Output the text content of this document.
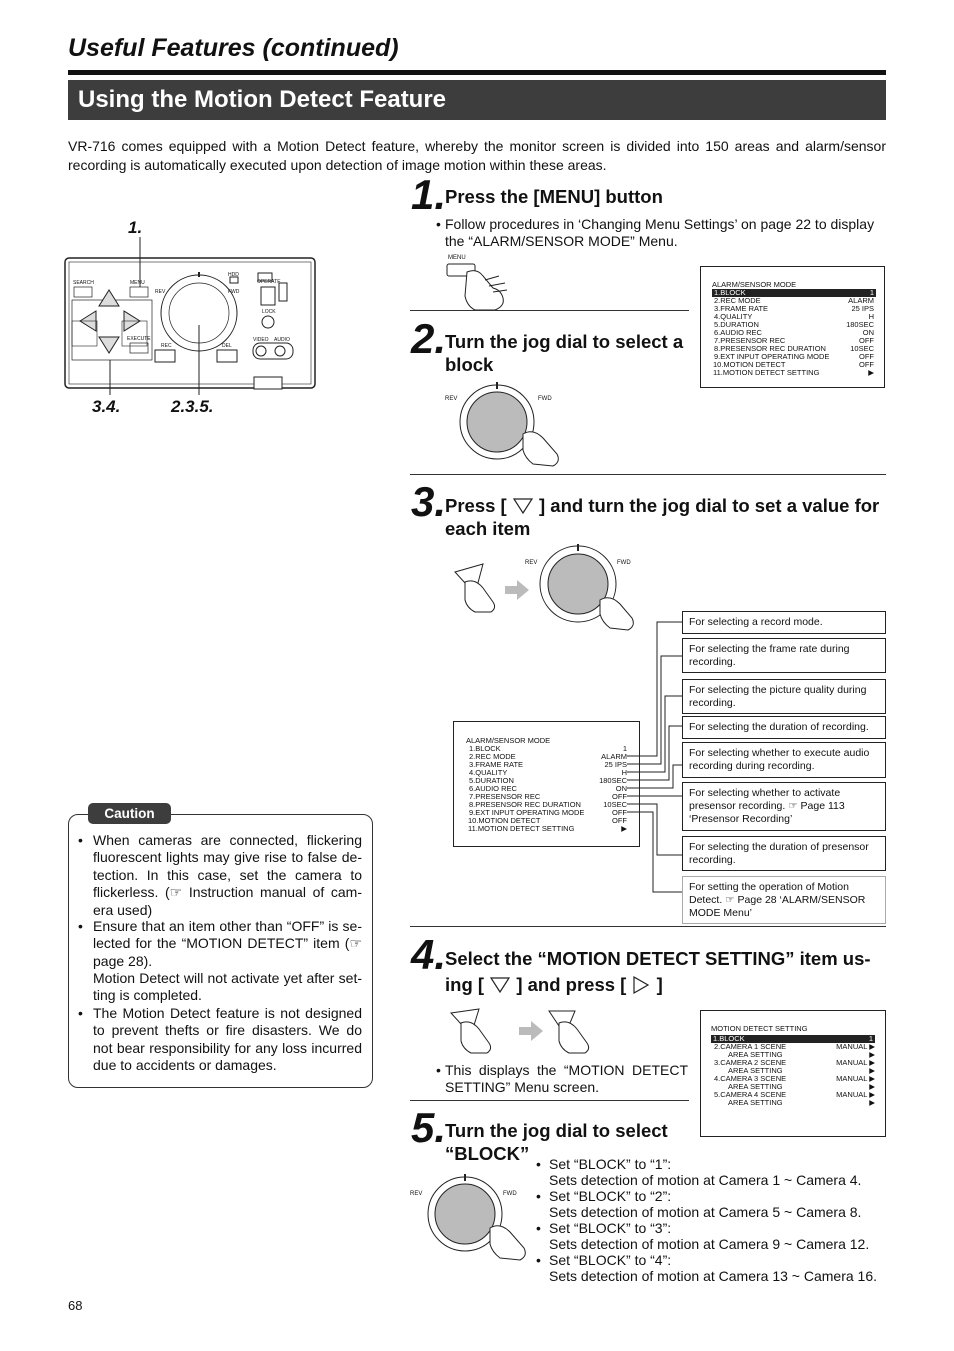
Useful Features (continued)
Using the Motion Detect Feature
VR-716 comes equipped with a Motion Detect feature, whereby the monitor screen is divided into 150 areas and alarm/sensor recording is automatically executed upon detection of image motion within these areas.
SEARCH	MENU
REV	FWD
HDD
OPERATE
LOCK
EXECUTE
REC	DEL
VIDEO AUDIO
1.
3.4.	2.3.5.
1.
Press the [MENU] button
• Follow procedures in ‘Changing Menu Settings’ on page 22 to display the “ALARM/SENSOR MODE” Menu.
MENU
ALARM/SENSOR MODE
1.BLOCK	1
2.REC MODE	ALARM
3.FRAME RATE	25 IPS
4.QUALITY	H
5.DURATION	180SEC
6.AUDIO REC	ON
7.PRESENSOR REC	OFF
8.PRESENSOR REC DURATION	10SEC
9.EXT INPUT OPERATING MODE	OFF
10.MOTION DETECT	OFF
11.MOTION DETECT SETTING	▶
2.
Turn the jog dial to select a
block
REV	FWD
3.
Press [ ] and turn the jog dial to set a value for each item
REV	FWD
ALARM/SENSOR MODE
1.BLOCK	1
2.REC MODE	ALARM
3.FRAME RATE	25 IPS
4.QUALITY	H
5.DURATION	180SEC
6.AUDIO REC	ON
7.PRESENSOR REC	OFF
8.PRESENSOR REC DURATION	10SEC
9.EXT INPUT OPERATING MODE	OFF
10.MOTION DETECT	OFF
11.MOTION DETECT SETTING	▶
For selecting a record mode.
For selecting the frame rate during recording.
For selecting the picture quality during recording.
For selecting the duration of recording.
For selecting whether to execute audio recording during recording.
For selecting whether to activate presensor recording. ☞ Page 113 ‘Presensor Recording’
For selecting the duration of presensor recording.
For setting the operation of Motion Detect. ☞ Page 28 ‘ALARM/SENSOR MODE Menu’
Caution
• When cameras are connected, flickering fluorescent lights may give rise to false de-tection. In this case, set the camera to flickerless. (☞ Instruction manual of cam-era used)
• Ensure that an item other than “OFF” is se-lected for the “MOTION DETECT” item (☞ page 28).
Motion Detect will not activate yet after set-ting is completed.
• The Motion Detect feature is not designed to prevent thefts or fire disasters. We do not bear responsibility for any loss incurred due to accidents or damages.
4.
Select the “MOTION DETECT SETTING” item us-
ing [ ] and press [ ]
• This displays the “MOTION DETECT SETTING” Menu screen.
MOTION DETECT SETTING
1.BLOCK	1
2.CAMERA 1 SCENE	MANUAL ▶
AREA SETTING	▶
3.CAMERA 2 SCENE	MANUAL ▶
AREA SETTING	▶
4.CAMERA 3 SCENE	MANUAL ▶
AREA SETTING	▶
5.CAMERA 4 SCENE	MANUAL ▶
AREA SETTING	▶
5.
Turn the jog dial to select
“BLOCK”
REV	FWD
• Set “BLOCK” to “1”:
Sets detection of motion at Camera 1 ~ Camera 4.
• Set “BLOCK” to “2”:
Sets detection of motion at Camera 5 ~ Camera 8.
• Set “BLOCK” to “3”:
Sets detection of motion at Camera 9 ~ Camera 12.
• Set “BLOCK” to “4”:
Sets detection of motion at Camera 13 ~ Camera 16.
68
